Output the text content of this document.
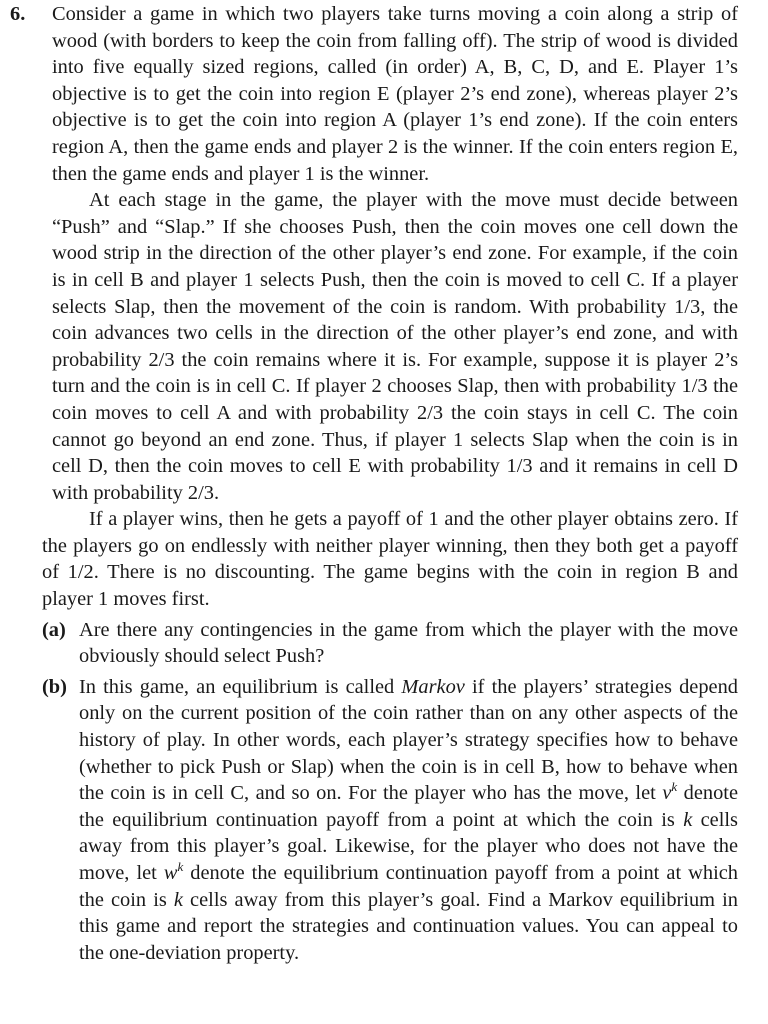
6.	Consider a game in which two players take turns moving a coin along a strip of wood (with borders to keep the coin from falling off). The strip of wood is divided into five equally sized regions, called (in order) A, B, C, D, and E. Player 1’s objective is to get the coin into region E (player 2’s end zone), whereas player 2’s objective is to get the coin into region A (player 1’s end zone). If the coin enters region A, then the game ends and player 2 is the winner. If the coin enters region E, then the game ends and player 1 is the winner.

At each stage in the game, the player with the move must decide between “Push” and “Slap.” If she chooses Push, then the coin moves one cell down the wood strip in the direction of the other player’s end zone. For example, if the coin is in cell B and player 1 selects Push, then the coin is moved to cell C. If a player selects Slap, then the movement of the coin is random. With probability 1/3, the coin advances two cells in the direction of the other player’s end zone, and with probability 2/3 the coin remains where it is. For example, suppose it is player 2’s turn and the coin is in cell C. If player 2 chooses Slap, then with probability 1/3 the coin moves to cell A and with probability 2/3 the coin stays in cell C. The coin cannot go beyond an end zone. Thus, if player 1 selects Slap when the coin is in cell D, then the coin moves to cell E with probability 1/3 and it remains in cell D with probability 2/3.

If a player wins, then he gets a payoff of 1 and the other player obtains zero. If the players go on endlessly with neither player winning, then they both get a payoff of 1/2. There is no discounting. The game begins with the coin in region B and player 1 moves first.

(a) Are there any contingencies in the game from which the player with the move obviously should select Push?
(b) In this game, an equilibrium is called Markov if the players’ strategies depend only on the current position of the coin rather than on any other aspects of the history of play. In other words, each player’s strategy specifies how to behave (whether to pick Push or Slap) when the coin is in cell B, how to behave when the coin is in cell C, and so on. For the player who has the move, let $v^k$ denote the equilibrium continuation payoff from a point at which the coin is k cells away from this player’s goal. Likewise, for the player who does not have the move, let $w^k$ denote the equilibrium continuation payoff from a point at which the coin is k cells away from this player’s goal. Find a Markov equilibrium in this game and report the strategies and continuation values. You can appeal to the one-deviation property.
